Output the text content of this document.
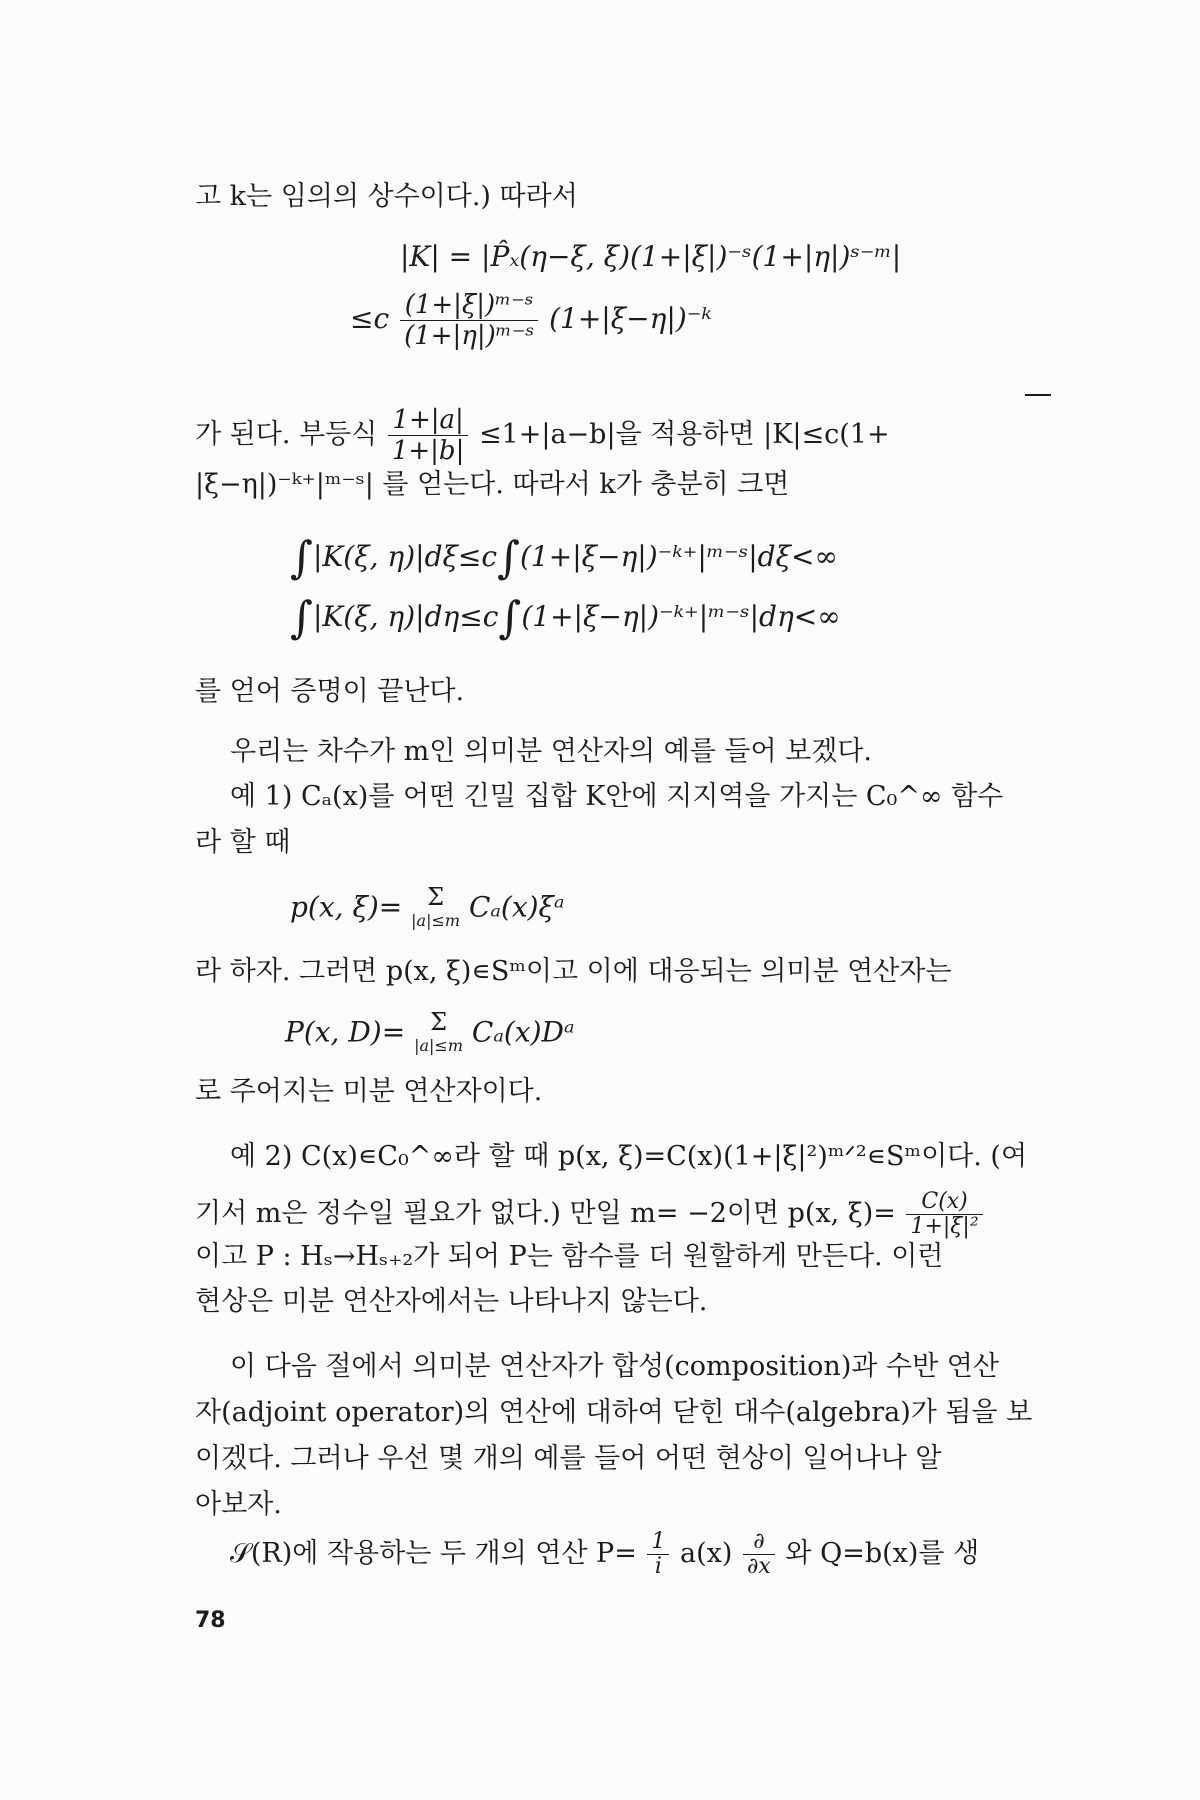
고 k는 임의의 상수이다.) 따라서
|K| = |P̂ₓ(η−ξ, ξ)(1+|ξ|)⁻ˢ(1+|η|)ˢ⁻ᵐ|
$\le c \frac{\text{(1+|ξ|)ᵐ⁻ˢ}}{\text{(1+|η|)ᵐ⁻ˢ}}$ (1+|ξ−η|)⁻ᵏ
가 된다. 부등식 $\frac{1+|a|}{1+|b|} \le 1+|a-b|$을 적용하면 |K|≤c(1+
|ξ−η|)⁻ᵏ⁺|ᵐ⁻ˢ| 를 얻는다. 따라서 k가 충분히 크면
∫|K(ξ, η)|dξ≤c∫(1+|ξ−η|)⁻ᵏ⁺|ᵐ⁻ˢ|dξ<∞
∫|K(ξ, η)|dη≤c∫(1+|ξ−η|)⁻ᵏ⁺|ᵐ⁻ˢ|dη<∞
를 얻어 증명이 끝난다.
우리는 차수가 m인 의미분 연산자의 예를 들어 보겠다.
예 1) Cₐ(x)를 어떤 긴밀 집합 K안에 지지역을 가지는 C₀^∞ 함수
라 할 때
p(x, ξ)=	Σ
|a|≤m Cₐ(x)ξᵃ
라 하자. 그러면 p(x, ξ)∊Sᵐ이고 이에 대응되는 의미분 연산자는
P(x, D)=	Σ
|a|≤m Cₐ(x)Dᵃ
로 주어지는 미분 연산자이다.
예 2) C(x)∊C₀^∞라 할 때 p(x, ξ)=C(x)(1+|ξ|²)ᵐᐟ²∊Sᵐ이다. (여
기서 m은 정수일 필요가 없다.) 만일 m= −2이면 p(x, $\xi)= \frac{C(x)}{\text{1+|ξ|²}}$
이고 P : Hₛ→Hₛ₊₂가 되어 P는 함수를 더 원할하게 만든다. 이런
현상은 미분 연산자에서는 나타나지 않는다.
이 다음 절에서 의미분 연산자가 합성(composition)과 수반 연산
자(adjoint operator)의 연산에 대하여 닫힌 대수(algebra)가 됨을 보
이겠다. 그러나 우선 몇 개의 예를 들어 어떤 현상이 일어나나 알
아보자.
𝒮(R)에 작용하는 두 개의 연산 $P= \frac{1}{i} a(x) \frac{\partial}{\partial x}$ 와 Q=b(x)를 생
78
